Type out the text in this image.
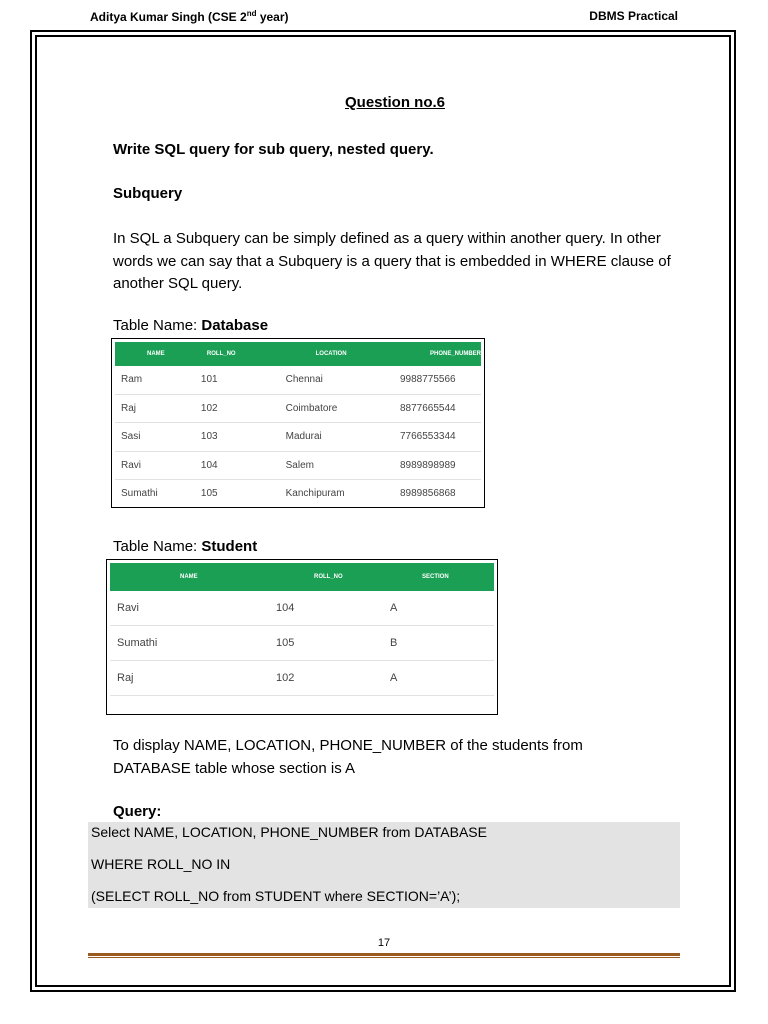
Aditya Kumar Singh (CSE 2nd year)	DBMS Practical
Question no.6
Write SQL query for sub query, nested query.
Subquery
In SQL a Subquery can be simply defined as a query within another query. In other words we can say that a Subquery is a query that is embedded in WHERE clause of another SQL query.
Table Name: Database
NAME	ROLL_NO	LOCATION	PHONE_NUMBER
Ram	101	Chennai	9988775566
Raj	102	Coimbatore	8877665544
Sasi	103	Madurai	7766553344
Ravi	104	Salem	8989898989
Sumathi	105	Kanchipuram	8989856868
Table Name: Student
NAME	ROLL_NO	SECTION
Ravi	104	A
Sumathi	105	B
Raj	102	A
To display NAME, LOCATION, PHONE_NUMBER of the students from
DATABASE table whose section is A
Query:
Select NAME, LOCATION, PHONE_NUMBER from DATABASE
WHERE ROLL_NO IN
(SELECT ROLL_NO from STUDENT where SECTION=’A’);
17
